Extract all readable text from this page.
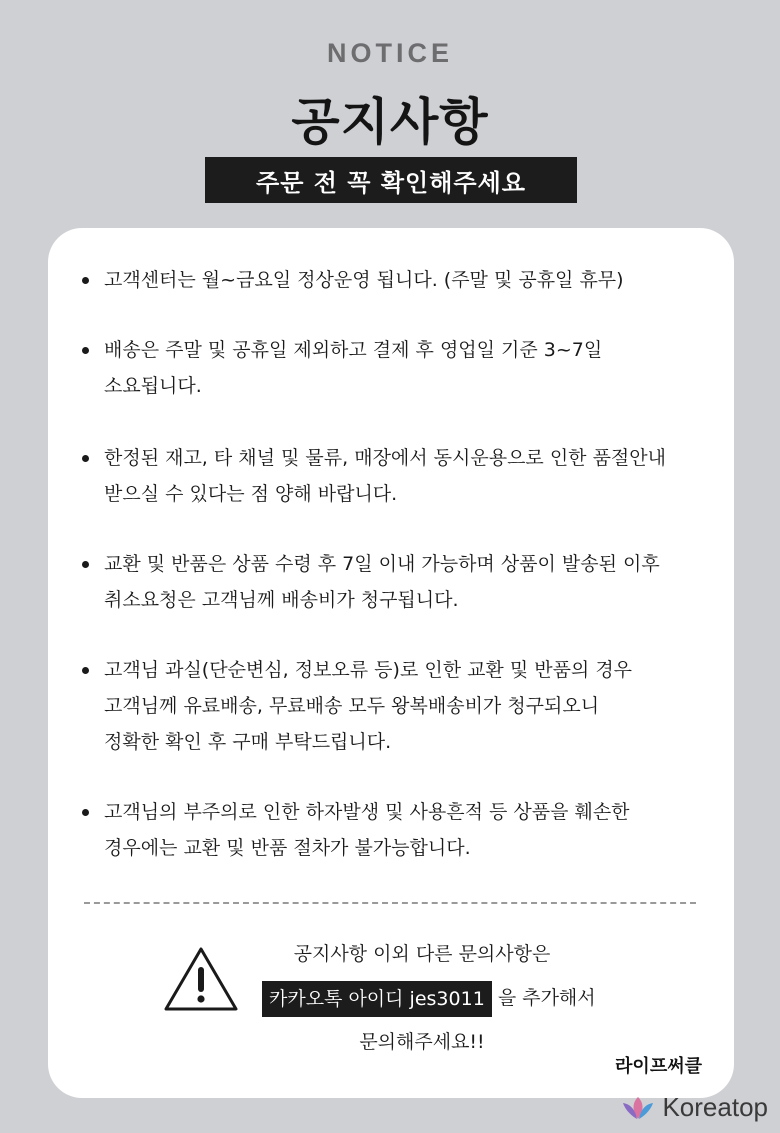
NOTICE
공지사항
주문 전 꼭 확인해주세요
고객센터는 월~금요일 정상운영 됩니다. (주말 및 공휴일 휴무)
배송은 주말 및 공휴일 제외하고 결제 후 영업일 기준 3~7일
소요됩니다.
한정된 재고, 타 채널 및 물류, 매장에서 동시운용으로 인한 품절안내
받으실 수 있다는 점 양해 바랍니다.
교환 및 반품은 상품 수령 후 7일 이내 가능하며 상품이 발송된 이후
취소요청은 고객님께 배송비가 청구됩니다.
고객님 과실(단순변심, 정보오류 등)로 인한 교환 및 반품의 경우
고객님께 유료배송, 무료배송 모두 왕복배송비가 청구되오니
정확한 확인 후 구매 부탁드립니다.
고객님의 부주의로 인한 하자발생 및 사용흔적 등 상품을 훼손한
경우에는 교환 및 반품 절차가 불가능합니다.
공지사항 이외 다른 문의사항은
카카오톡 아이디 jes3011 을 추가해서
문의해주세요!!
라이프써클
Koreatop
